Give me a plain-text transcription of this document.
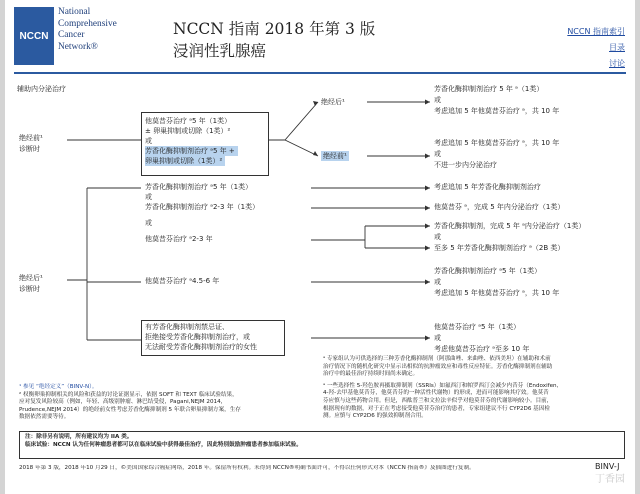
NCCN
National
Comprehensive
Cancer
Network®
NCCN 指南 2018 年第 3 版
浸润性乳腺癌
NCCN 指南索引
目录
讨论
辅助内分泌治疗
绝经前¹
诊断时
他莫昔芬治疗 ᵃ5 年（1类）
± 卵巢抑制或切除（1类）²
或
芳香化酶抑制剂治疗 ᵃ5 年 +
卵巢抑制或切除（1类）²
绝经后¹
绝经前¹
芳香化酶抑制剂治疗 5 年 ᵃ（1类）
或
考虑追加 5 年他莫昔芬治疗 ᵃ，共 10 年
考虑追加 5 年他莫昔芬治疗 ᵃ，共 10 年
或
不进一步内分泌治疗
绝经后¹
诊断时
芳香化酶抑制剂治疗 ᵃ5 年（1类）
或
芳香化酶抑制剂治疗 ᵃ2-3 年（1类）
或
他莫昔芬治疗 ᵃ2-3 年
他莫昔芬治疗 ᵃ4.5-6 年
考虑追加 5 年芳香化酶抑制剂治疗
他莫昔芬 ᵃ，完成 5 年内分泌治疗（1类）
芳香化酶抑制剂，完成 5 年 ᵃ内分泌治疗（1类）
或
至多 5 年芳香化酶抑制剂治疗 ᵃ（2B 类）
芳香化酶抑制剂治疗 ᵃ5 年（1类）
或
考虑追加 5 年他莫昔芬治疗 ᵃ，共 10 年
有芳香化酶抑制剂禁忌证、
拒绝接受芳香化酶抑制剂治疗，或
无法耐受芳香化酶抑制剂治疗的女性
他莫昔芬治疗 ᵃ5 年（1类）
或
考虑他莫昔芬治疗 ᵃ至多 10 年
¹ 参见 “绝经定义”（BINV-N）。
² 权衡卵巢抑制相关的风险和获益的讨论证据显示，依据 SOFT 和 TEXT 临床试验结果，
应对复发风险较高（例如，年轻、高级别肿瘤、淋巴结受侵，Pagani,NEJM 2014，
Prudence,NEJM 2014）的绝经前女性考虑芳香化酶抑制剂 5 年联合卵巢抑制方案，生存
数据依然需要等待。
ᵃ 专家组认为可供选择的三种芳香化酶抑制剂（阿那曲唑、来曲唑、依西美坦）在辅助和术前
治疗情况下的随机化研究中显示出相似的抗肿瘤效应和毒性反应特征。芳香化酶抑制剂在辅助
治疗中的最佳治疗持续时间尚未确定。
ᵃ 一些选择性 5-羟色胺再摄取抑制剂（SSRIs）如氟西汀和帕罗西汀会减少内昔芬（Endoxifen,
4-羟-去甲基他莫昔芬，他莫昔芬的一种活性代谢物）的形成，进而可能影响其疗效。他莫昔
芬应慎与这些药物合用。但是，西酞普兰和文拉法辛似乎对他莫昔芬的代谢影响较小。目前，
根据现有的数据，对于正在考虑接受他莫昔芬治疗的患者，专家组建议不行 CYP2D6 基因检
测。应慎与 CYP2D6 的强效抑制剂合用。
注：除非另有说明，所有建议均为 IIA 类。
临床试验：NCCN 认为任何种瘤患者都可以在临床试验中获得最佳治疗，因此特别鼓励肿瘤患者参加临床试验。
2018 年第 3 版，2018 年10 月29 日，©美国国家综合癌症网络，2018 年。保留所有权利。未得到 NCCN®明确书面许可，不得以任何形式对本《NCCN 指南®》及插图进行复制。	BINV-J
丁香园
